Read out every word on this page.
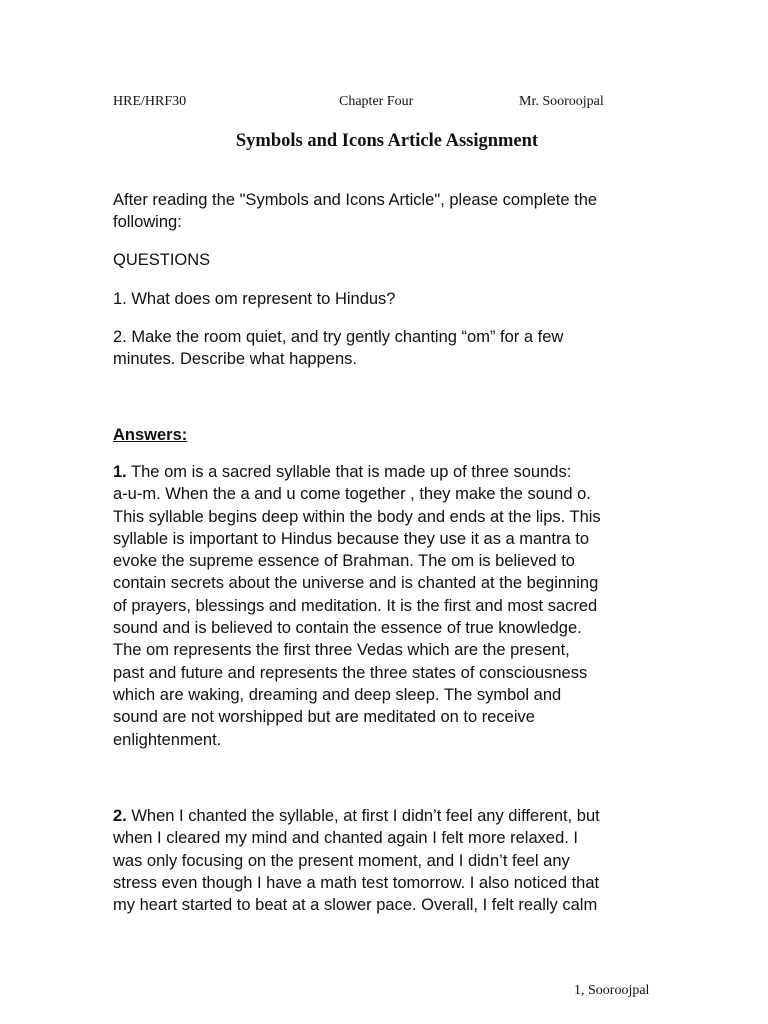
HRE/HRF30	Chapter Four	Mr. Sooroojpal
Symbols and Icons Article Assignment
After reading the "Symbols and Icons Article", please complete the
following:
QUESTIONS
1. What does om represent to Hindus?
2. Make the room quiet, and try gently chanting “om” for a few
minutes. Describe what happens.
Answers:
1. The om is a sacred syllable that is made up of three sounds:
a-u-m. When the a and u come together , they make the sound o.
This syllable begins deep within the body and ends at the lips. This
syllable is important to Hindus because they use it as a mantra to
evoke the supreme essence of Brahman. The om is believed to
contain secrets about the universe and is chanted at the beginning
of prayers, blessings and meditation. It is the first and most sacred
sound and is believed to contain the essence of true knowledge.
The om represents the first three Vedas which are the present,
past and future and represents the three states of consciousness
which are waking, dreaming and deep sleep. The symbol and
sound are not worshipped but are meditated on to receive
enlightenment.
2. When I chanted the syllable, at first I didn’t feel any different, but
when I cleared my mind and chanted again I felt more relaxed. I
was only focusing on the present moment, and I didn’t feel any
stress even though I have a math test tomorrow. I also noticed that
my heart started to beat at a slower pace. Overall, I felt really calm
1, Sooroojpal
